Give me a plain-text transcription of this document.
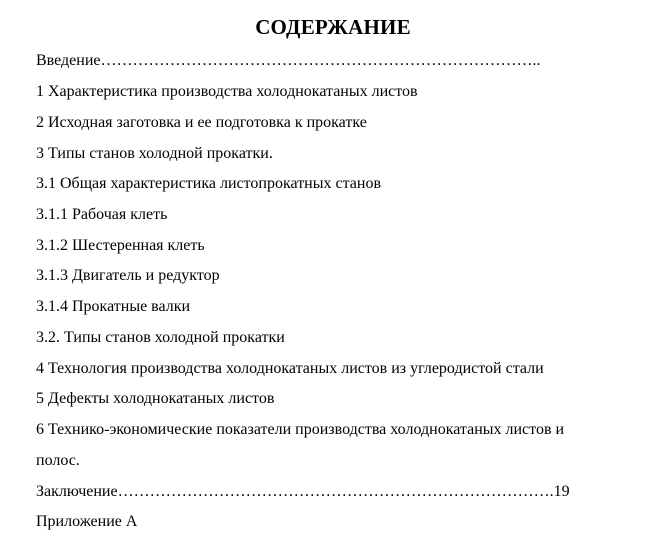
СОДЕРЖАНИЕ
Введение………………………………………………………………………..
1 Характеристика производства холоднокатаных листов
2 Исходная заготовка и ее подготовка к прокатке
3 Типы станов холодной прокатки.
3.1 Общая характеристика листопрокатных станов
3.1.1 Рабочая клеть
3.1.2 Шестеренная клеть
3.1.3 Двигатель и редуктор
3.1.4 Прокатные валки
3.2. Типы станов холодной прокатки
4 Технология производства холоднокатаных листов из углеродистой стали
5 Дефекты холоднокатаных листов
6 Технико-экономические показатели производства холоднокатаных листов и
полос.
Заключение……………………………………………………………………….19
Приложение А
